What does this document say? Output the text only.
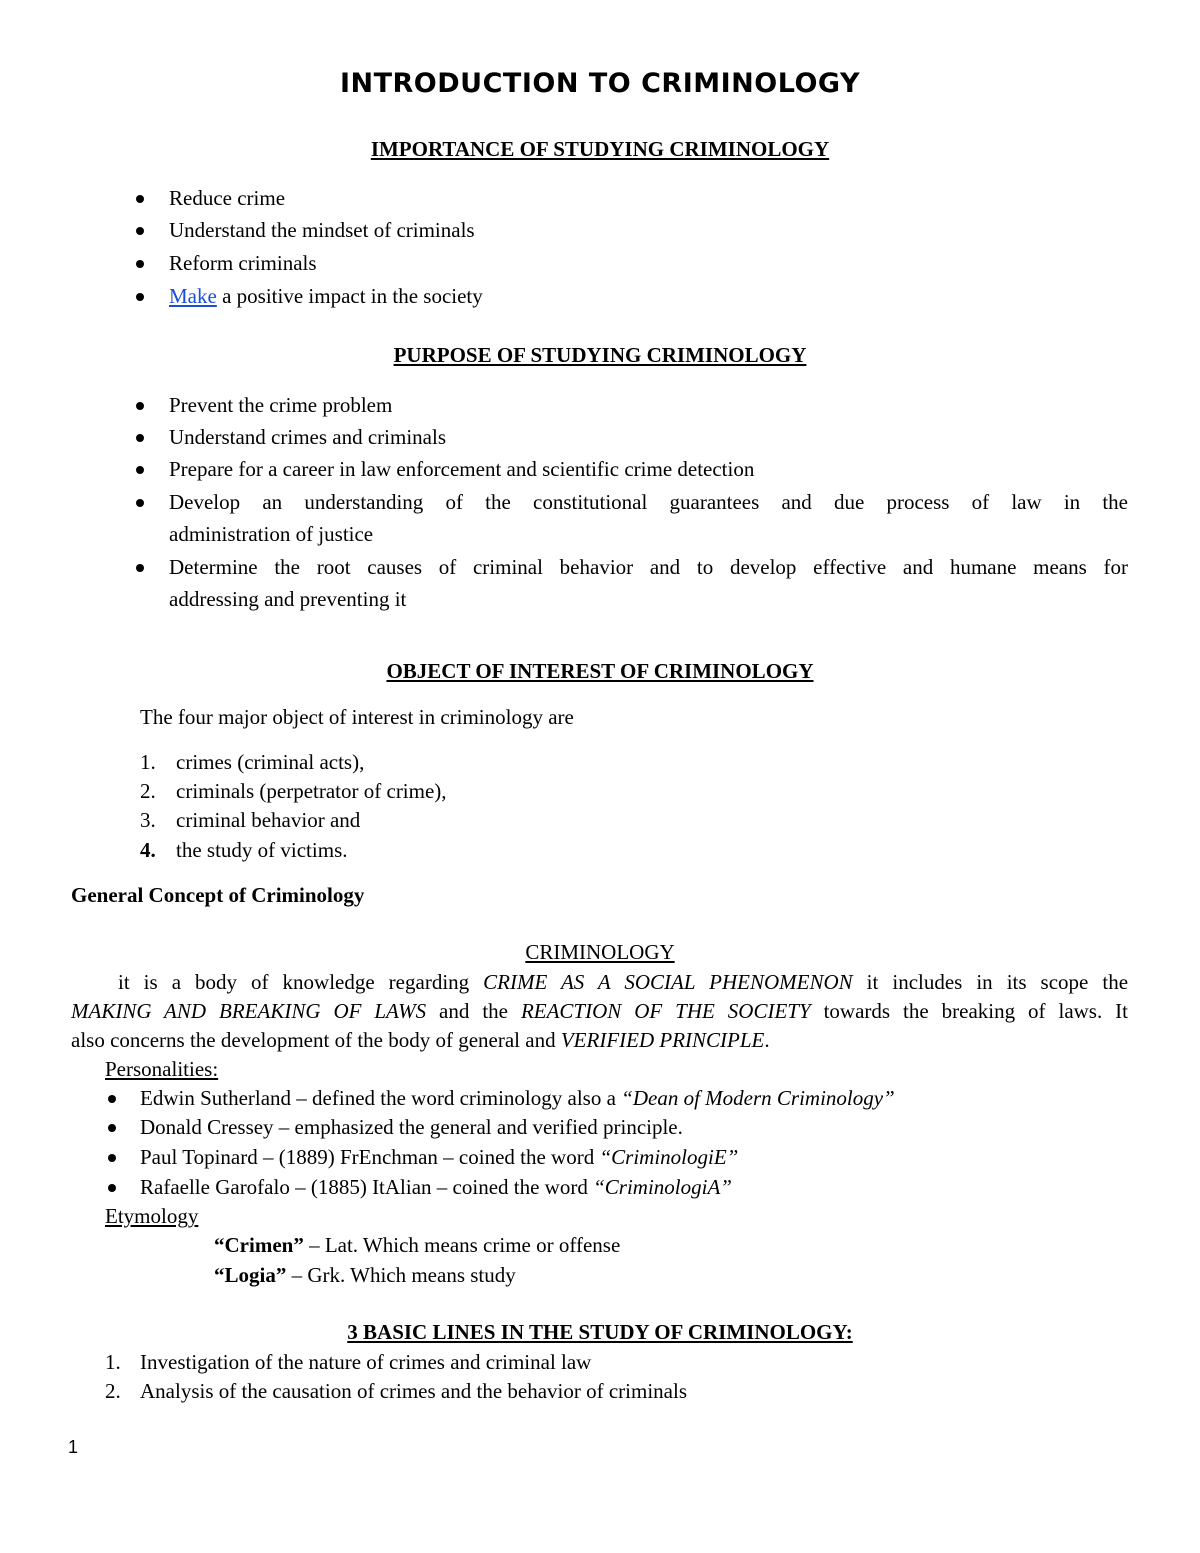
INTRODUCTION TO CRIMINOLOGY
IMPORTANCE OF STUDYING CRIMINOLOGY
Reduce crime
Understand the mindset of criminals
Reform criminals
Make a positive impact in the society
PURPOSE OF STUDYING CRIMINOLOGY
Prevent the crime problem
Understand crimes and criminals
Prepare for a career in law enforcement and scientific crime detection
Develop an understanding of the constitutional guarantees and due process of law in the
administration of justice
Determine the root causes of criminal behavior and to develop effective and humane means for
addressing and preventing it
OBJECT OF INTEREST OF CRIMINOLOGY
The four major object of interest in criminology are
1. crimes (criminal acts),
2. criminals (perpetrator of crime),
3. criminal behavior and
4. the study of victims.
General Concept of Criminology
CRIMINOLOGY
it is a body of knowledge regarding CRIME AS A SOCIAL PHENOMENON it includes in its scope the
MAKING AND BREAKING OF LAWS and the REACTION OF THE SOCIETY towards the breaking of laws. It
also concerns the development of the body of general and VERIFIED PRINCIPLE.
Personalities:
Edwin Sutherland – defined the word criminology also a “Dean of Modern Criminology”
Donald Cressey – emphasized the general and verified principle.
Paul Topinard – (1889) FrEnchman – coined the word “CriminologiE”
Rafaelle Garofalo – (1885) ItAlian – coined the word “CriminologiA”
Etymology
“Crimen” – Lat. Which means crime or offense
“Logia” – Grk. Which means study
3 BASIC LINES IN THE STUDY OF CRIMINOLOGY:
1. Investigation of the nature of crimes and criminal law
2. Analysis of the causation of crimes and the behavior of criminals
1
